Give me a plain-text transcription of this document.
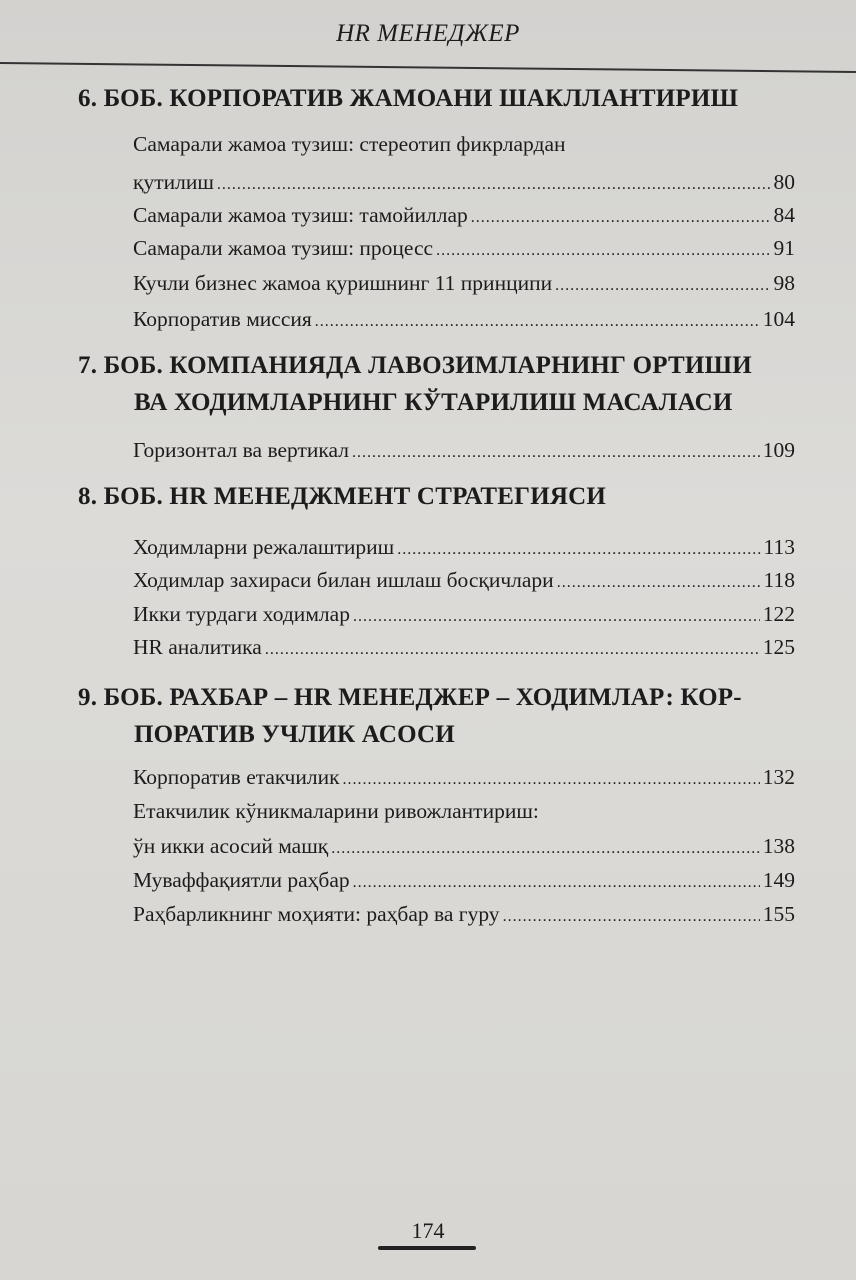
HR МЕНЕДЖЕР
6. БОБ. КОРПОРАТИВ ЖАМОАНИ ШАКЛЛАНТИРИШ
Самарали жамоа тузиш: стереотип фикрлардан
қутилиш .....	80
Самарали жамоа тузиш: тамойиллар .....	84
Самарали жамоа тузиш: процесс .....	91
Кучли бизнес жамоа қуришнинг 11 принципи .....	98
Корпоратив миссия .....	104
7. БОБ. КОМПАНИЯДА ЛАВОЗИМЛАРНИНГ ОРТИШИ
ВА ХОДИМЛАРНИНГ КЎТАРИЛИШ МАСАЛАСИ
Горизонтал ва вертикал .....	109
8. БОБ. HR МЕНЕДЖМЕНТ СТРАТЕГИЯСИ
Ходимларни режалаштириш .....	113
Ходимлар захираси билан ишлаш босқичлари .....	118
Икки турдаги ходимлар .....	122
HR аналитика .....	125
9. БОБ. РАХБАР – HR МЕНЕДЖЕР – ХОДИМЛАР: КОР-
ПОРАТИВ УЧЛИК АСОСИ
Корпоратив етакчилик .....	132
Етакчилик кўникмаларини ривожлантириш:
ўн икки асосий машқ .....	138
Муваффақиятли раҳбар .....	149
Раҳбарликнинг моҳияти: раҳбар ва гуру .....	155
174
